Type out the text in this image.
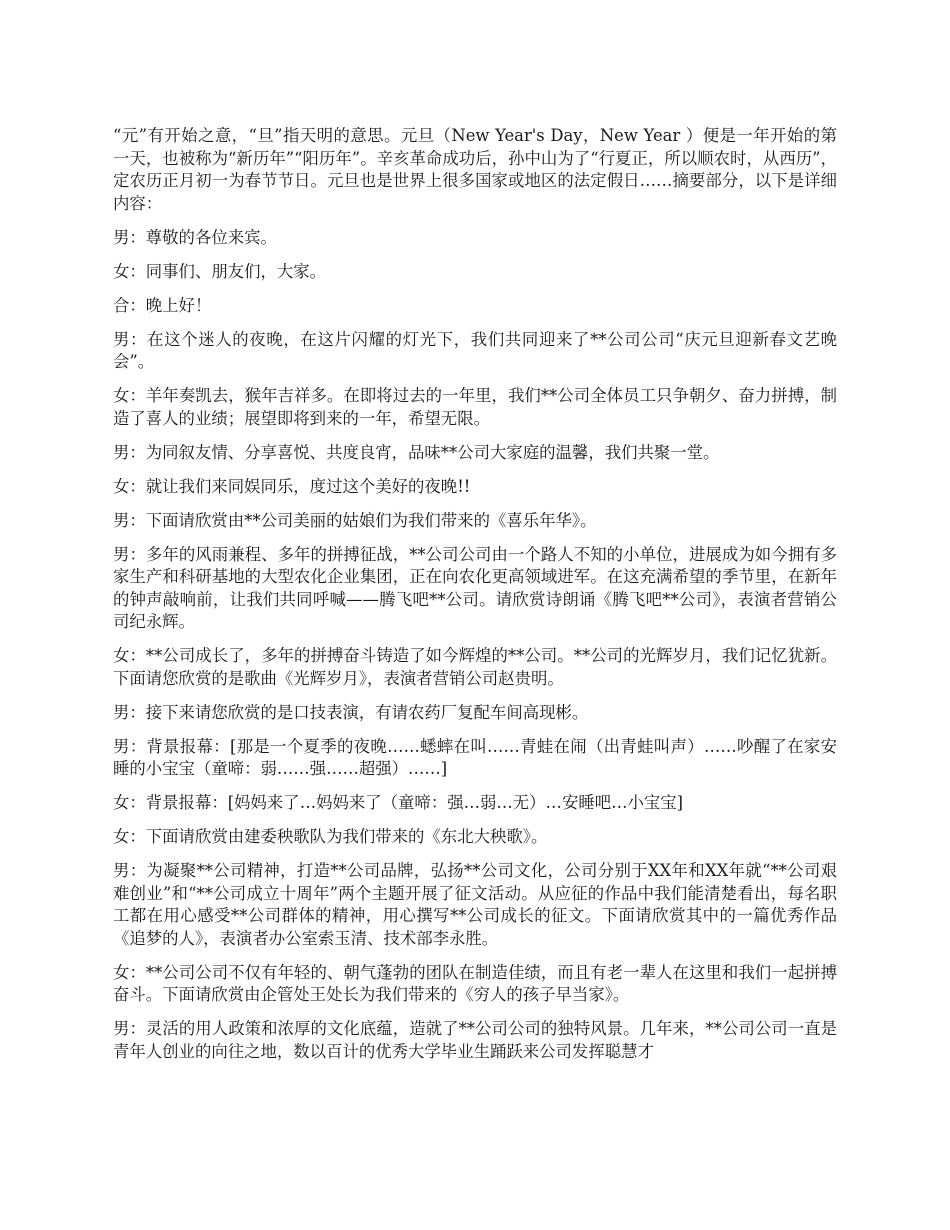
“元”有开始之意，“旦”指天明的意思。元旦（New Year's Day，New Year ）便是一年开始的第一天，也被称为“新历年”“阳历年”。辛亥革命成功后，孙中山为了“行夏正，所以顺农时，从西历”，定农历正月初一为春节节日。元旦也是世界上很多国家或地区的法定假日……摘要部分，以下是详细内容：

男：尊敬的各位来宾。

女：同事们、朋友们，大家。

合：晚上好！

男：在这个迷人的夜晚，在这片闪耀的灯光下，我们共同迎来了**公司公司“庆元旦迎新春文艺晚会”。

女：羊年奏凯去，猴年吉祥多。在即将过去的一年里，我们**公司全体员工只争朝夕、奋力拼搏，制造了喜人的业绩；展望即将到来的一年，希望无限。

男：为同叙友情、分享喜悦、共度良宵，品味**公司大家庭的温馨，我们共聚一堂。

女：就让我们来同娱同乐，度过这个美好的夜晚!!

男：下面请欣赏由**公司美丽的姑娘们为我们带来的《喜乐年华》。

男：多年的风雨兼程、多年的拼搏征战，**公司公司由一个路人不知的小单位，进展成为如今拥有多家生产和科研基地的大型农化企业集团，正在向农化更高领域进军。在这充满希望的季节里，在新年的钟声敲响前，让我们共同呼喊——腾飞吧**公司。请欣赏诗朗诵《腾飞吧**公司》，表演者营销公司纪永辉。

女：**公司成长了，多年的拼搏奋斗铸造了如今辉煌的**公司。**公司的光辉岁月，我们记忆犹新。下面请您欣赏的是歌曲《光辉岁月》，表演者营销公司赵贵明。

男：接下来请您欣赏的是口技表演，有请农药厂复配车间高现彬。

男：背景报幕：[那是一个夏季的夜晚……蟋蟀在叫……青蛙在闹（出青蛙叫声）……吵醒了在家安睡的小宝宝（童啼：弱……强……超强）……]

女：背景报幕：[妈妈来了…妈妈来了（童啼：强…弱…无）…安睡吧…小宝宝]

女：下面请欣赏由建委秧歌队为我们带来的《东北大秧歌》。

男：为凝聚**公司精神，打造**公司品牌，弘扬**公司文化，公司分别于XX年和XX年就“**公司艰难创业”和“**公司成立十周年”两个主题开展了征文活动。从应征的作品中我们能清楚看出，每名职工都在用心感受**公司群体的精神，用心撰写**公司成长的征文。下面请欣赏其中的一篇优秀作品《追梦的人》，表演者办公室索玉清、技术部李永胜。

女：**公司公司不仅有年轻的、朝气蓬勃的团队在制造佳绩，而且有老一辈人在这里和我们一起拼搏奋斗。下面请欣赏由企管处王处长为我们带来的《穷人的孩子早当家》。

男：灵活的用人政策和浓厚的文化底蕴，造就了**公司公司的独特风景。几年来，**公司公司一直是青年人创业的向往之地，数以百计的优秀大学毕业生踊跃来公司发挥聪慧才
